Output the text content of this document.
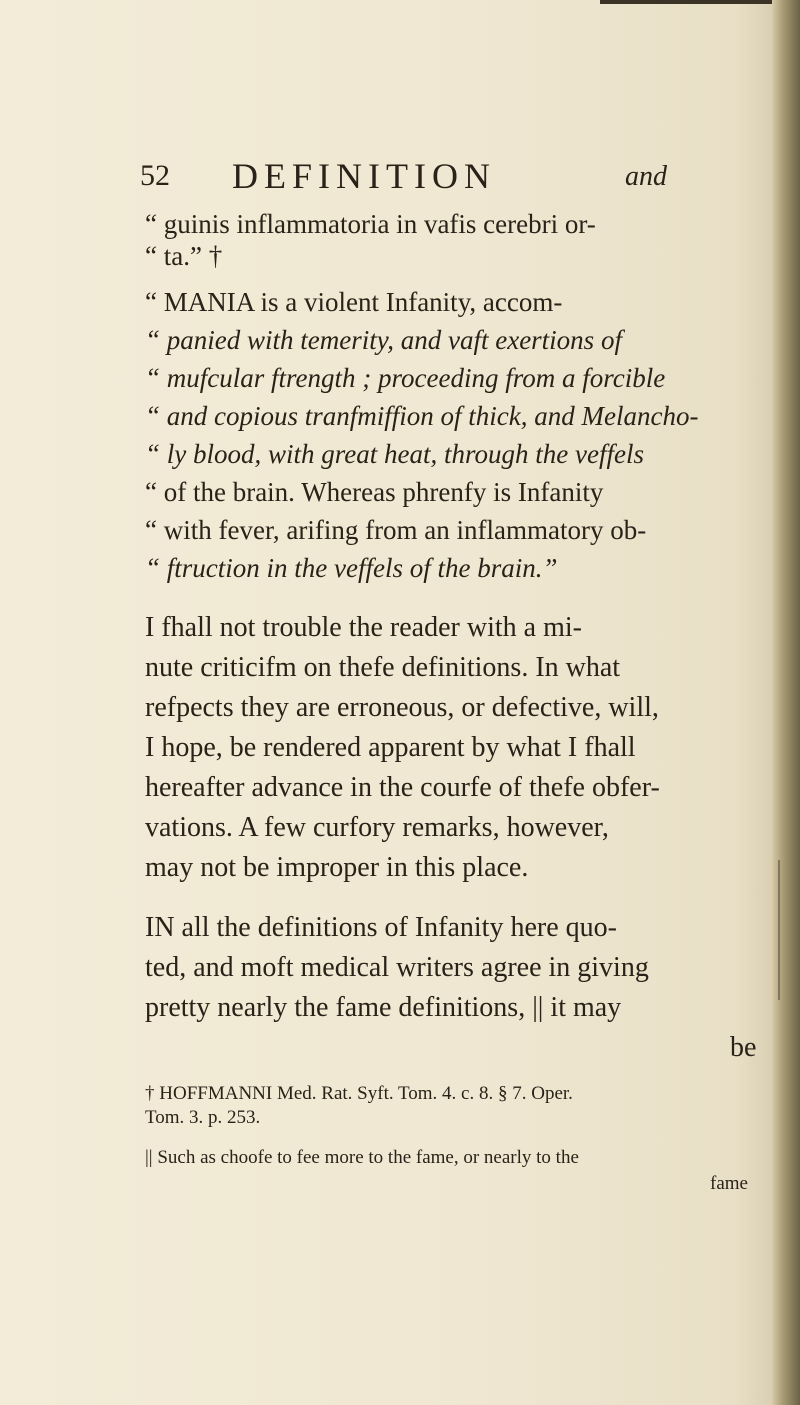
52 DEFINITION	and
“ guinis inflammatoria in vafis cerebri or-
“ ta.” †
“ MANIA is a violent Infanity, accom-
“ panied with temerity, and vaft exertions of
“ mufcular ftrength ; proceeding from a forcible
“ and copious tranfmiffion of thick, and Melancho-
“ ly blood, with great heat, through the veffels
“ of the brain. Whereas phrenfy is Infanity
“ with fever, arifing from an inflammatory ob-
“ ftruction in the veffels of the brain.”
I fhall not trouble the reader with a mi-
nute criticifm on thefe definitions. In what
refpects they are erroneous, or defective, will,
I hope, be rendered apparent by what I fhall
hereafter advance in the courfe of thefe obfer-
vations. A few curfory remarks, however,
may not be improper in this place.
IN all the definitions of Infanity here quo-
ted, and moft medical writers agree in giving
pretty nearly the fame definitions, || it may
be
† HOFFMANNI Med. Rat. Syft. Tom. 4. c. 8. § 7. Oper.
Tom. 3. p. 253.
|| Such as choofe to fee more to the fame, or nearly to the
fame
